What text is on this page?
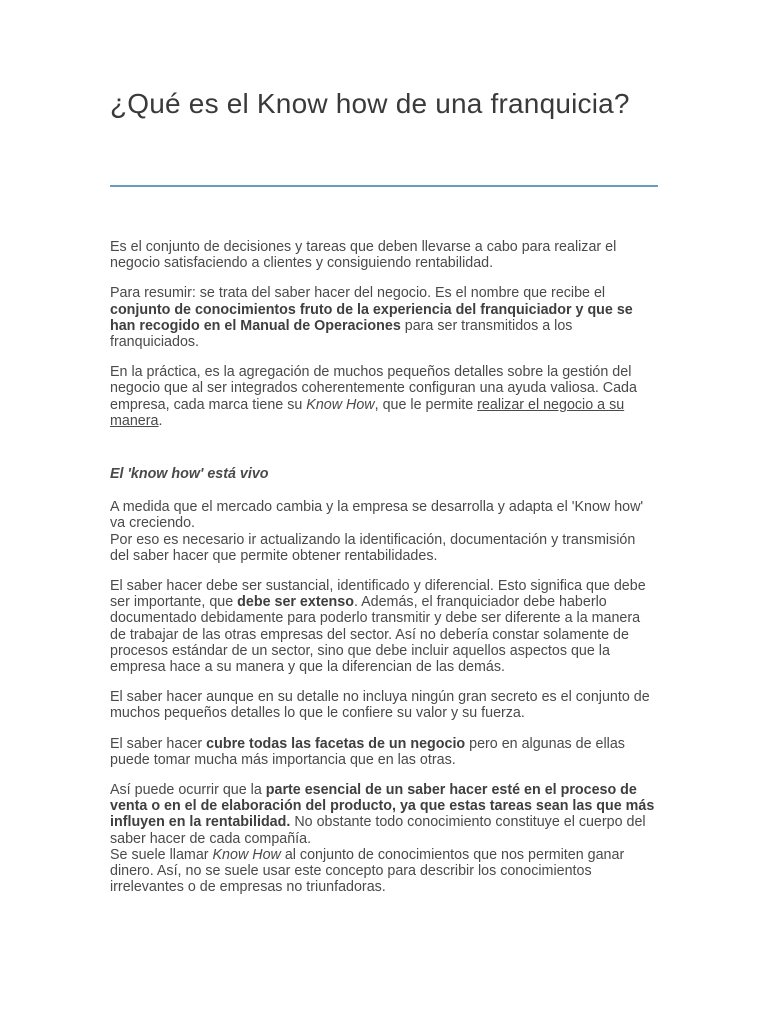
¿Qué es el Know how de una franquicia?

Es el conjunto de decisiones y tareas que deben llevarse a cabo para realizar el negocio satisfaciendo a clientes y consiguiendo rentabilidad.

Para resumir: se trata del saber hacer del negocio. Es el nombre que recibe el conjunto de conocimientos fruto de la experiencia del franquiciador y que se han recogido en el Manual de Operaciones para ser transmitidos a los franquiciados.

En la práctica, es la agregación de muchos pequeños detalles sobre la gestión del negocio que al ser integrados coherentemente configuran una ayuda valiosa. Cada empresa, cada marca tiene su Know How, que le permite realizar el negocio a su manera.

El 'know how' está vivo

A medida que el mercado cambia y la empresa se desarrolla y adapta el 'Know how' va creciendo.
Por eso es necesario ir actualizando la identificación, documentación y transmisión del saber hacer que permite obtener rentabilidades.

El saber hacer debe ser sustancial, identificado y diferencial. Esto significa que debe ser importante, que debe ser extenso. Además, el franquiciador debe haberlo documentado debidamente para poderlo transmitir y debe ser diferente a la manera de trabajar de las otras empresas del sector. Así no debería constar solamente de procesos estándar de un sector, sino que debe incluir aquellos aspectos que la empresa hace a su manera y que la diferencian de las demás.

El saber hacer aunque en su detalle no incluya ningún gran secreto es el conjunto de muchos pequeños detalles lo que le confiere su valor y su fuerza.

El saber hacer cubre todas las facetas de un negocio pero en algunas de ellas puede tomar mucha más importancia que en las otras.

Así puede ocurrir que la parte esencial de un saber hacer esté en el proceso de venta o en el de elaboración del producto, ya que estas tareas sean las que más influyen en la rentabilidad. No obstante todo conocimiento constituye el cuerpo del saber hacer de cada compañía.
Se suele llamar Know How al conjunto de conocimientos que nos permiten ganar dinero. Así, no se suele usar este concepto para describir los conocimientos irrelevantes o de empresas no triunfadoras.
